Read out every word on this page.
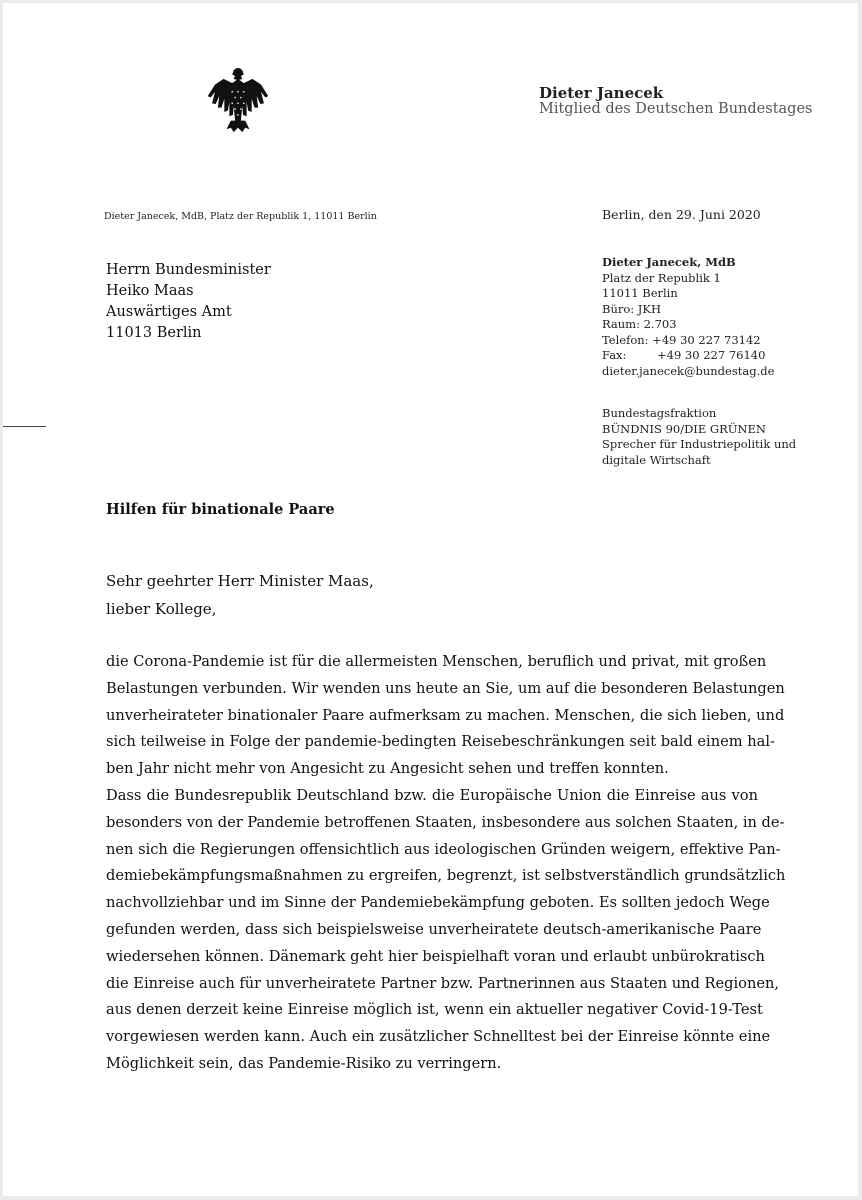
Dieter Janecek
Mitglied des Deutschen Bundestages
Dieter Janecek, MdB, Platz der Republik 1, 11011 Berlin	Berlin, den 29. Juni 2020
Herrn Bundesminister
Heiko Maas
Auswärtiges Amt
11013 Berlin
Dieter Janecek, MdB
Platz der Republik 1
11011 Berlin
Büro: JKH
Raum: 2.703
Telefon: +49 30 227 73142
Fax:	+49 30 227 76140
dieter.janecek@bundestag.de
Bundestagsfraktion
BÜNDNIS 90/DIE GRÜNEN
Sprecher für Industriepolitik und
digitale Wirtschaft
Hilfen für binationale Paare
Sehr geehrter Herr Minister Maas,
lieber Kollege,

die Corona-Pandemie ist für die allermeisten Menschen, beruflich und privat, mit großen
Belastungen verbunden. Wir wenden uns heute an Sie, um auf die besonderen Belastungen
unverheirateter binationaler Paare aufmerksam zu machen. Menschen, die sich lieben, und
sich teilweise in Folge der pandemie-bedingten Reisebeschränkungen seit bald einem hal-
ben Jahr nicht mehr von Angesicht zu Angesicht sehen und treffen konnten.

Dass die Bundesrepublik Deutschland bzw. die Europäische Union die Einreise aus von
besonders von der Pandemie betroffenen Staaten, insbesondere aus solchen Staaten, in de-
nen sich die Regierungen offensichtlich aus ideologischen Gründen weigern, effektive Pan-
demiebekämpfungsmaßnahmen zu ergreifen, begrenzt, ist selbstverständlich grundsätzlich
nachvollziehbar und im Sinne der Pandemiebekämpfung geboten. Es sollten jedoch Wege
gefunden werden, dass sich beispielsweise unverheiratete deutsch-amerikanische Paare
wiedersehen können. Dänemark geht hier beispielhaft voran und erlaubt unbürokratisch
die Einreise auch für unverheiratete Partner bzw. Partnerinnen aus Staaten und Regionen,
aus denen derzeit keine Einreise möglich ist, wenn ein aktueller negativer Covid-19-Test
vorgewiesen werden kann. Auch ein zusätzlicher Schnelltest bei der Einreise könnte eine
Möglichkeit sein, das Pandemie-Risiko zu verringern.
